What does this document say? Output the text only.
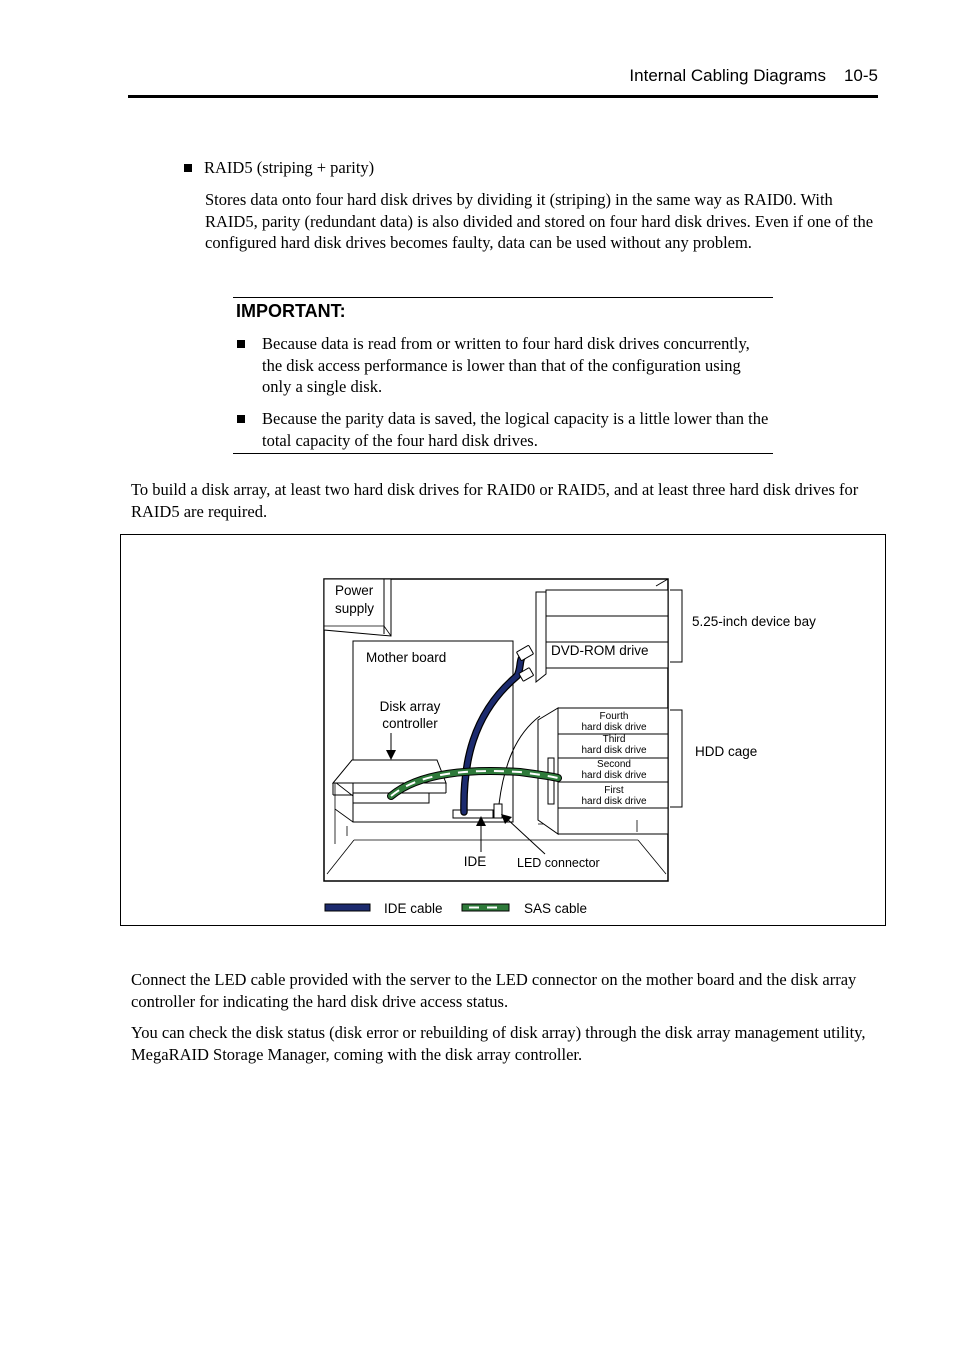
Internal Cabling Diagrams 10-5
RAID5 (striping + parity)

Stores data onto four hard disk drives by dividing it (striping) in the same way as RAID0. With RAID5, parity (redundant data) is also divided and stored on four hard disk drives. Even if one of the configured hard disk drives becomes faulty, data can be used without any problem.

IMPORTANT:

Because data is read from or written to four hard disk drives concurrently, the disk access performance is lower than that of the configuration using only a single disk.

Because the parity data is saved, the logical capacity is a little lower than the total capacity of the four hard disk drives.

To build a disk array, at least two hard disk drives for RAID0 or RAID5, and at least three hard disk drives for RAID5 are required.

Power
supply
Mother board
Disk array
controller
DVD-ROM drive
5.25-inch device bay
Fourth
hard disk drive
Third
hard disk drive
Second
hard disk drive
First
hard disk drive
HDD cage
IDE LED connector
IDE cable	SAS cable

Connect the LED cable provided with the server to the LED connector on the mother board and the disk array controller for indicating the hard disk drive access status.

You can check the disk status (disk error or rebuilding of disk array) through the disk array management utility, MegaRAID Storage Manager, coming with the disk array controller.
